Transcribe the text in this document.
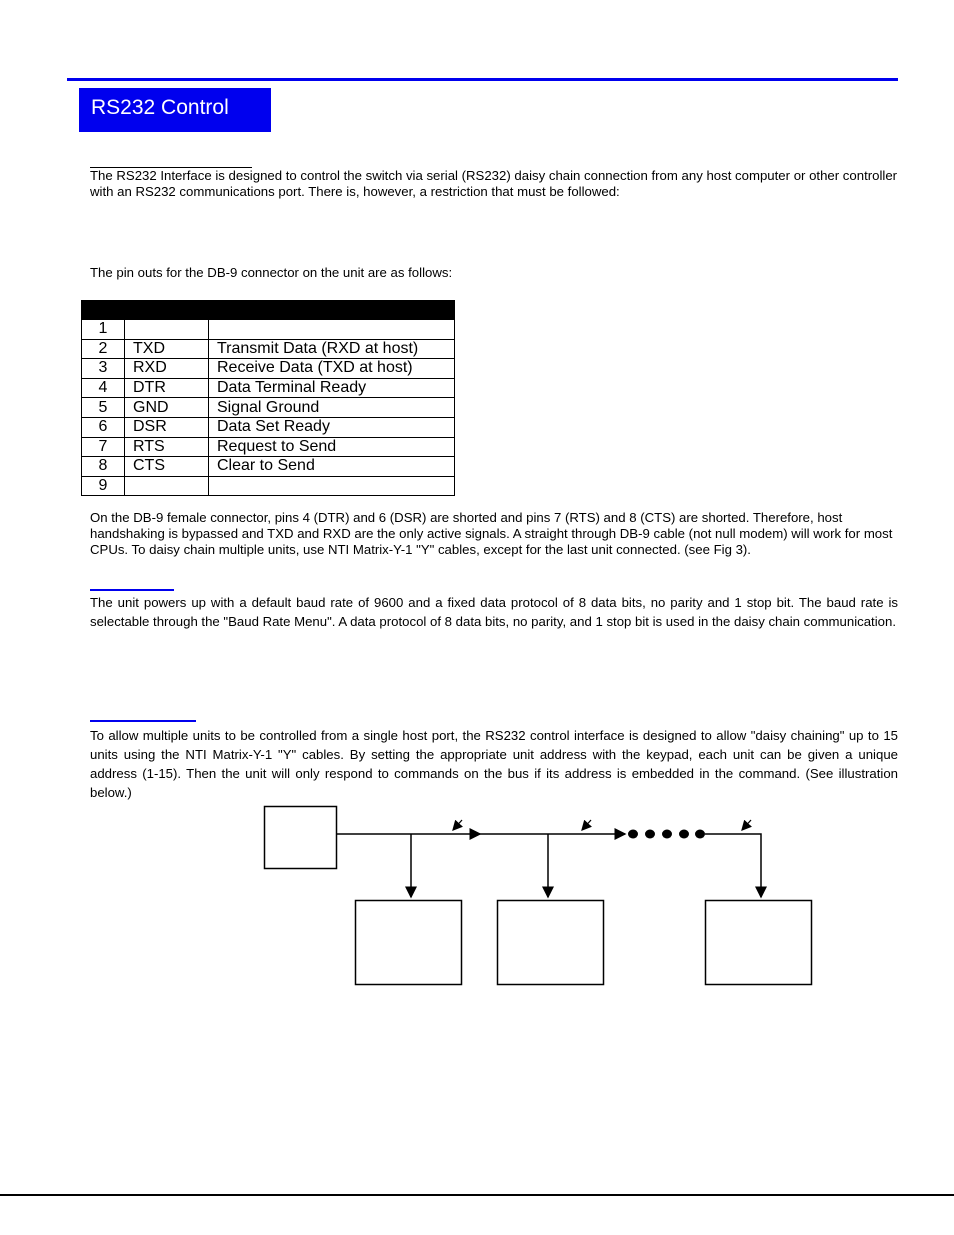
RS232 Control

The RS232 Interface is designed to control the switch via serial (RS232) daisy chain connection from any host computer or other controller with an RS232 communications port. There is, however, a restriction that must be followed:

The pin outs for the DB-9 connector on the unit are as follows:

1		
2	TXD	Transmit Data (RXD at host)
3	RXD	Receive Data (TXD at host)
4	DTR	Data Terminal Ready
5	GND	Signal Ground
6	DSR	Data Set Ready
7	RTS	Request to Send
8	CTS	Clear to Send
9		

On the DB-9 female connector, pins 4 (DTR) and 6 (DSR) are shorted and pins 7 (RTS) and 8 (CTS) are shorted. Therefore, host handshaking is bypassed and TXD and RXD are the only active signals. A straight through DB-9 cable (not null modem) will work for most CPUs. To daisy chain multiple units, use NTI Matrix-Y-1 "Y" cables, except for the last unit connected. (see Fig 3).

The unit powers up with a default baud rate of 9600 and a fixed data protocol of 8 data bits, no parity and 1 stop bit. The baud rate is selectable through the "Baud Rate Menu". A data protocol of 8 data bits, no parity, and 1 stop bit is used in the daisy chain communication.

To allow multiple units to be controlled from a single host port, the RS232 control interface is designed to allow "daisy chaining" up to 15 units using the NTI Matrix-Y-1 "Y" cables. By setting the appropriate unit address with the keypad, each unit can be given a unique address (1-15). Then the unit will only respond to commands on the bus if its address is embedded in the command. (See illustration below.)
